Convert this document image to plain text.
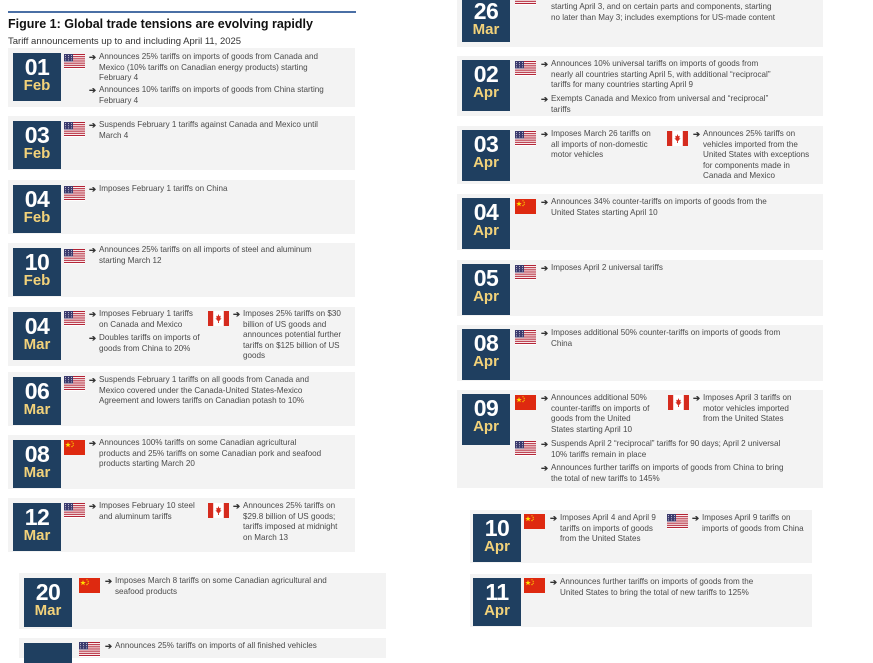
Figure 1: Global trade tensions are evolving rapidly
Tariff announcements up to and including April 11, 2025
01
Feb
➔ Announces 25% tariffs on imports of goods from Canada and Mexico (10% tariffs on Canadian energy products) starting February 4
➔ Announces 10% tariffs on imports of goods from China starting February 4
03
Feb
➔ Suspends February 1 tariffs against Canada and Mexico until March 4
04
Feb
➔ Imposes February 1 tariffs on China
10
Feb
➔ Announces 25% tariffs on all imports of steel and aluminum starting March 12
04
Mar
➔ Imposes February 1 tariffs on Canada and Mexico
➔ Doubles tariffs on imports of goods from China to 20%
➔ Imposes 25% tariffs on $30 billion of US goods and announces potential further tariffs on $125 billion of US goods
06
Mar
➔ Suspends February 1 tariffs on all goods from Canada and Mexico covered under the Canada-United States-Mexico Agreement and lowers tariffs on Canadian potash to 10%
08
Mar
➔ Announces 100% tariffs on some Canadian agricultural products and 25% tariffs on some Canadian pork and seafood products starting March 20
12
Mar
➔ Imposes February 10 steel and aluminum tariffs
➔ Announces 25% tariffs on $29.8 billion of US goods; tariffs imposed at midnight on March 13
20
Mar
➔ Imposes March 8 tariffs on some Canadian agricultural and seafood products
➔ Announces 25% tariffs on imports of all finished vehicles
26
Mar
starting April 3, and on certain parts and components, starting no later than May 3; includes exemptions for US-made content
02
Apr
➔ Announces 10% universal tariffs on imports of goods from nearly all countries starting April 5, with additional “reciprocal” tariffs for many countries starting April 9
➔ Exempts Canada and Mexico from universal and “reciprocal” tariffs
03
Apr
➔ Imposes March 26 tariffs on all imports of non-domestic motor vehicles
➔ Announces 25% tariffs on vehicles imported from the United States with exceptions for components made in Canada and Mexico
04
Apr
➔ Announces 34% counter-tariffs on imports of goods from the United States starting April 10
05
Apr
➔ Imposes April 2 universal tariffs
08
Apr
➔ Imposes additional 50% counter-tariffs on imports of goods from China
09
Apr
➔ Announces additional 50% counter-tariffs on imports of goods from the United States starting April 10
➔ Imposes April 3 tariffs on motor vehicles imported from the United States
➔ Suspends April 2 “reciprocal” tariffs for 90 days; April 2 universal 10% tariffs remain in place
➔ Announces further tariffs on imports of goods from China to bring the total of new tariffs to 145%
10
Apr
➔ Imposes April 4 and April 9 tariffs on imports of goods from the United States
➔ Imposes April 9 tariffs on imports of goods from China
11
Apr
➔ Announces further tariffs on imports of goods from the United States to bring the total of new tariffs to 125%
